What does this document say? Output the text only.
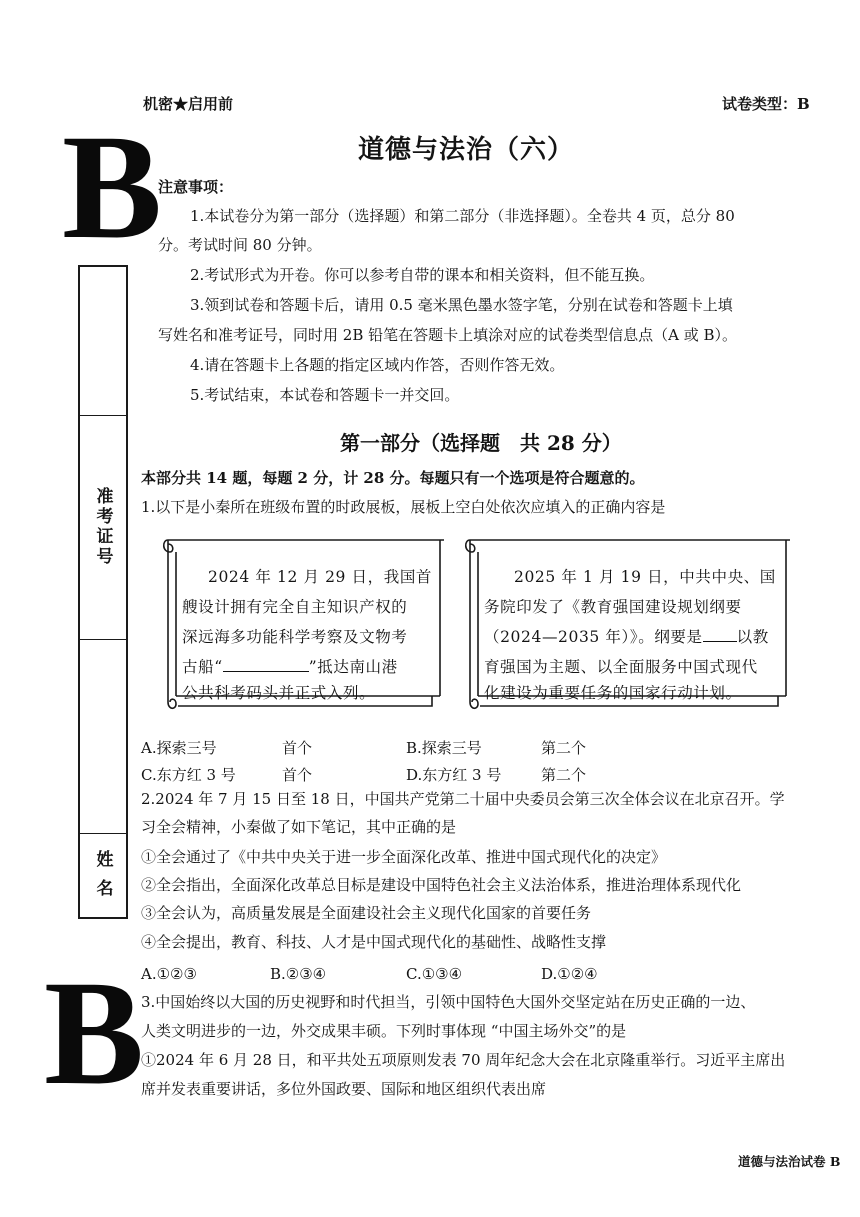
机密★启用前	试卷类型：B
B
B
道德与法治（六）
注意事项：
1.本试卷分为第一部分（选择题）和第二部分（非选择题）。全卷共 4 页，总分 80
分。考试时间 80 分钟。
2.考试形式为开卷。你可以参考自带的课本和相关资料，但不能互换。
3.领到试卷和答题卡后，请用 0.5 毫米黑色墨水签字笔，分别在试卷和答题卡上填
写姓名和准考证号，同时用 2B 铅笔在答题卡上填涂对应的试卷类型信息点（A 或 B）。
4.请在答题卡上各题的指定区域内作答，否则作答无效。
5.考试结束，本试卷和答题卡一并交回。
准考证号
姓 名
第一部分（选择题　共 28 分）
本部分共 14 题，每题 2 分，计 28 分。每题只有一个选项是符合题意的。
1.以下是小秦所在班级布置的时政展板，展板上空白处依次应填入的正确内容是
2024 年 12 月 29 日，我国首
艘设计拥有完全自主知识产权的
深远海多功能科学考察及文物考
古船“	”抵达南山港
公共科考码头并正式入列。
2025 年 1 月 19 日，中共中央、国
务院印发了《教育强国建设规划纲要
（2024—2035 年）》。纲要是 以教
育强国为主题、以全面服务中国式现代
化建设为重要任务的国家行动计划。
A.探索三号	首个	B.探索三号	第二个
C.东方红 3 号	首个	D.东方红 3 号	第二个
2.2024 年 7 月 15 日至 18 日，中国共产党第二十届中央委员会第三次全体会议在北京召开。学
习全会精神，小秦做了如下笔记，其中正确的是
①全会通过了《中共中央关于进一步全面深化改革、推进中国式现代化的决定》
②全会指出，全面深化改革总目标是建设中国特色社会主义法治体系，推进治理体系现代化
③全会认为，高质量发展是全面建设社会主义现代化国家的首要任务
④全会提出，教育、科技、人才是中国式现代化的基础性、战略性支撑
A.①②③	B.②③④	C.①③④	D.①②④
3.中国始终以大国的历史视野和时代担当，引领中国特色大国外交坚定站在历史正确的一边、
人类文明进步的一边，外交成果丰硕。下列时事体现 “中国主场外交”的是
①2024 年 6 月 28 日，和平共处五项原则发表 70 周年纪念大会在北京隆重举行。习近平主席出
席并发表重要讲话，多位外国政要、国际和地区组织代表出席
道德与法治试卷 B
